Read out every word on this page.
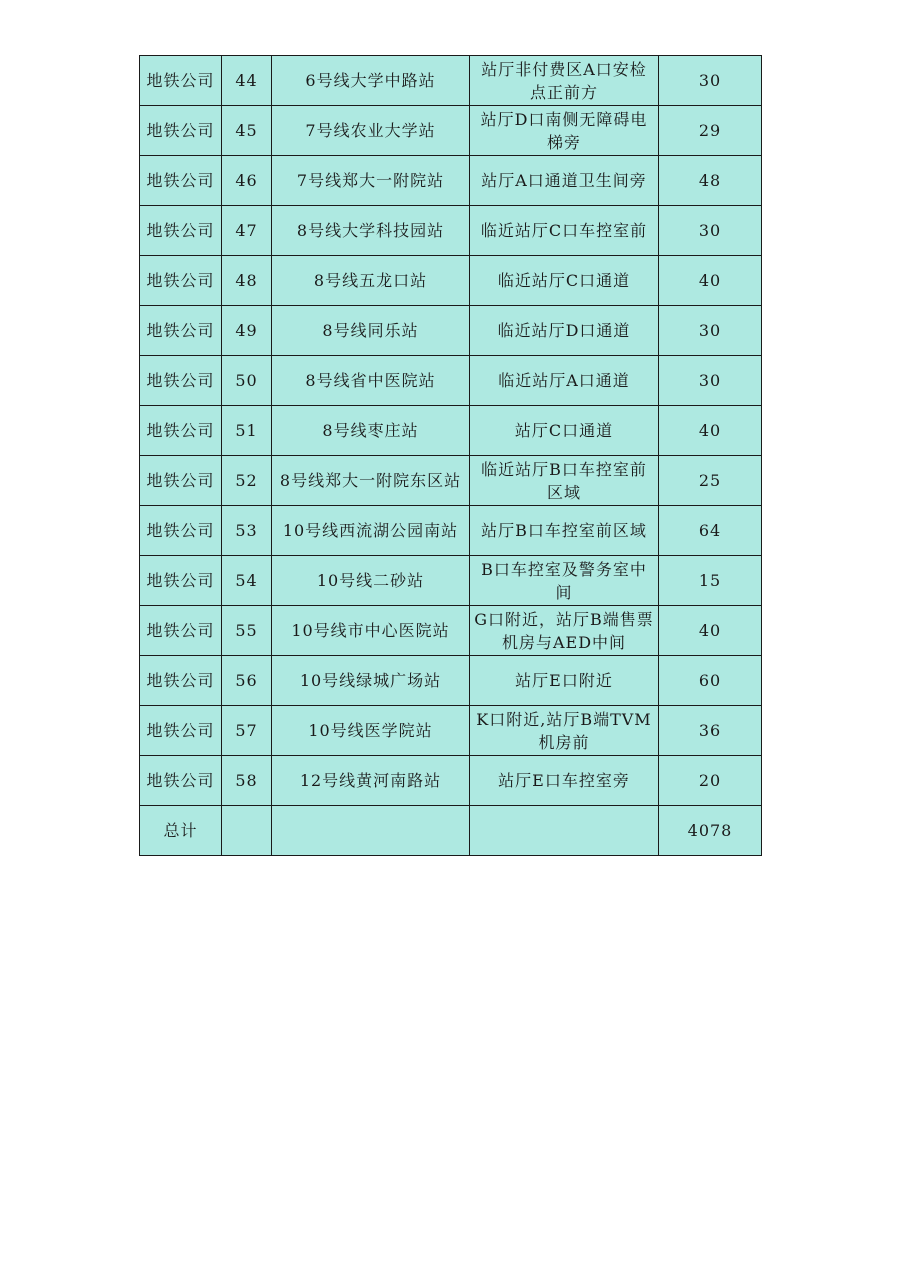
地铁公司	44	6号线大学中路站	站厅非付费区A口安检点正前方	30
地铁公司	45	7号线农业大学站	站厅D口南侧无障碍电梯旁	29
地铁公司	46	7号线郑大一附院站	站厅A口通道卫生间旁	48
地铁公司	47	8号线大学科技园站	临近站厅C口车控室前	30
地铁公司	48	8号线五龙口站	临近站厅C口通道	40
地铁公司	49	8号线同乐站	临近站厅D口通道	30
地铁公司	50	8号线省中医院站	临近站厅A口通道	30
地铁公司	51	8号线枣庄站	站厅C口通道	40
地铁公司	52	8号线郑大一附院东区站	临近站厅B口车控室前区域	25
地铁公司	53	10号线西流湖公园南站	站厅B口车控室前区域	64
地铁公司	54	10号线二砂站	B口车控室及警务室中间	15
地铁公司	55	10号线市中心医院站	G口附近，站厅B端售票机房与AED中间	40
地铁公司	56	10号线绿城广场站	站厅E口附近	60
地铁公司	57	10号线医学院站	K口附近,站厅B端TVM机房前	36
地铁公司	58	12号线黄河南路站	站厅E口车控室旁	20
总计				4078
